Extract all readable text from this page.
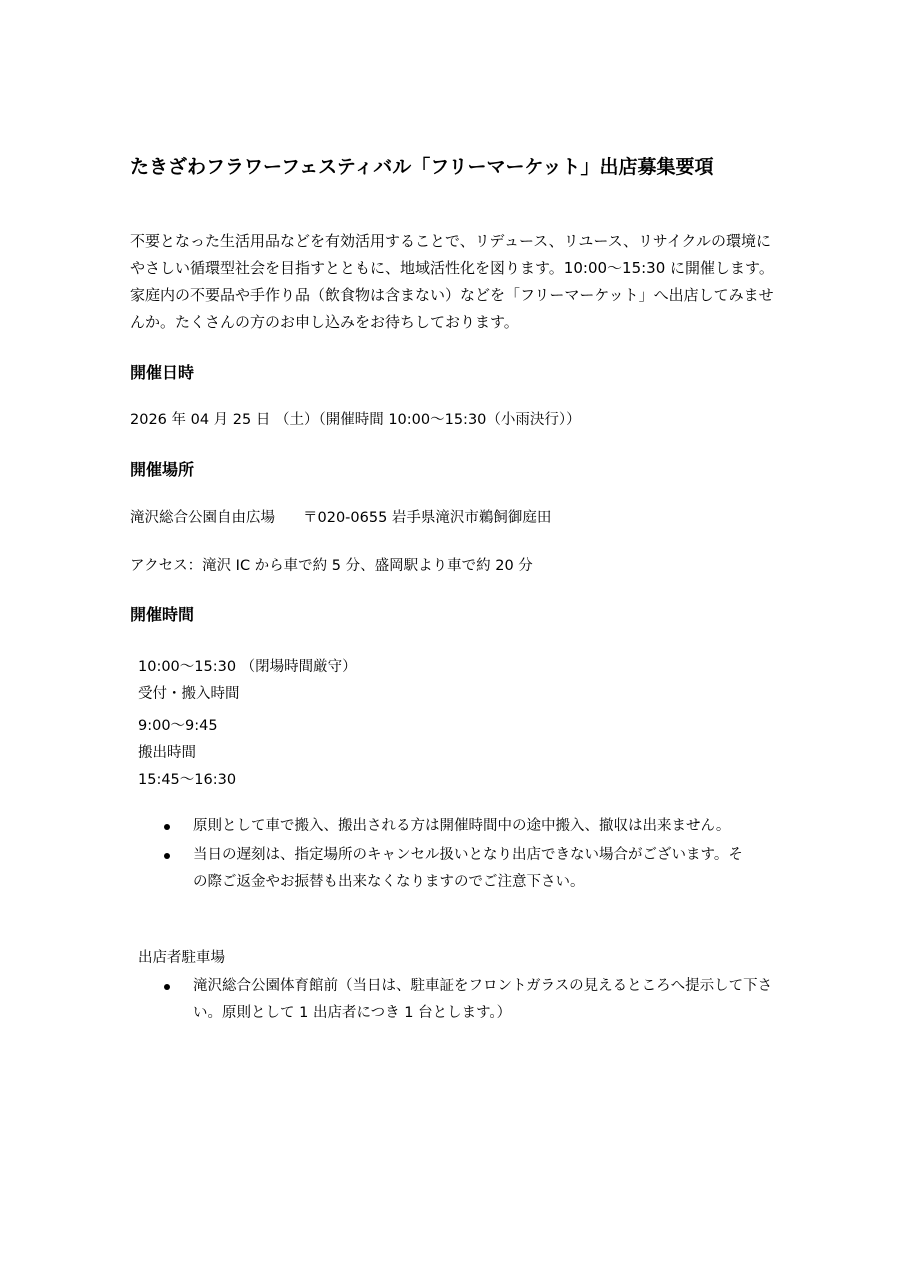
たきざわフラワーフェスティバル「フリーマーケット」出店募集要項
不要となった生活用品などを有効活用することで、リデュース、リユース、リサイクルの環境に
やさしい循環型社会を目指すとともに、地域活性化を図ります。10:00〜15:30 に開催します。
家庭内の不要品や手作り品（飲食物は含まない）などを「フリーマーケット」へ出店してみませ
んか。たくさんの方のお申し込みをお待ちしております。
開催日時
2026 年 04 月 25 日 （土）（開催時間 10:00〜15:30（小雨決行））
開催場所
滝沢総合公園自由広場 〒020-0655 岩手県滝沢市鵜飼御庭田
アクセス：滝沢 IC から車で約 5 分、盛岡駅より車で約 20 分
開催時間
10:00〜15:30 （閉場時間厳守）
受付・搬入時間
9:00〜9:45
搬出時間
15:45〜16:30
原則として車で搬入、搬出される方は開催時間中の途中搬入、撤収は出来ません。
当日の遅刻は、指定場所のキャンセル扱いとなり出店できない場合がございます。その際ご返金やお振替も出来なくなりますのでご注意下さい。
出店者駐車場
滝沢総合公園体育館前（当日は、駐車証をフロントガラスの見えるところへ提示して下さい。原則として 1 出店者につき 1 台とします。）
